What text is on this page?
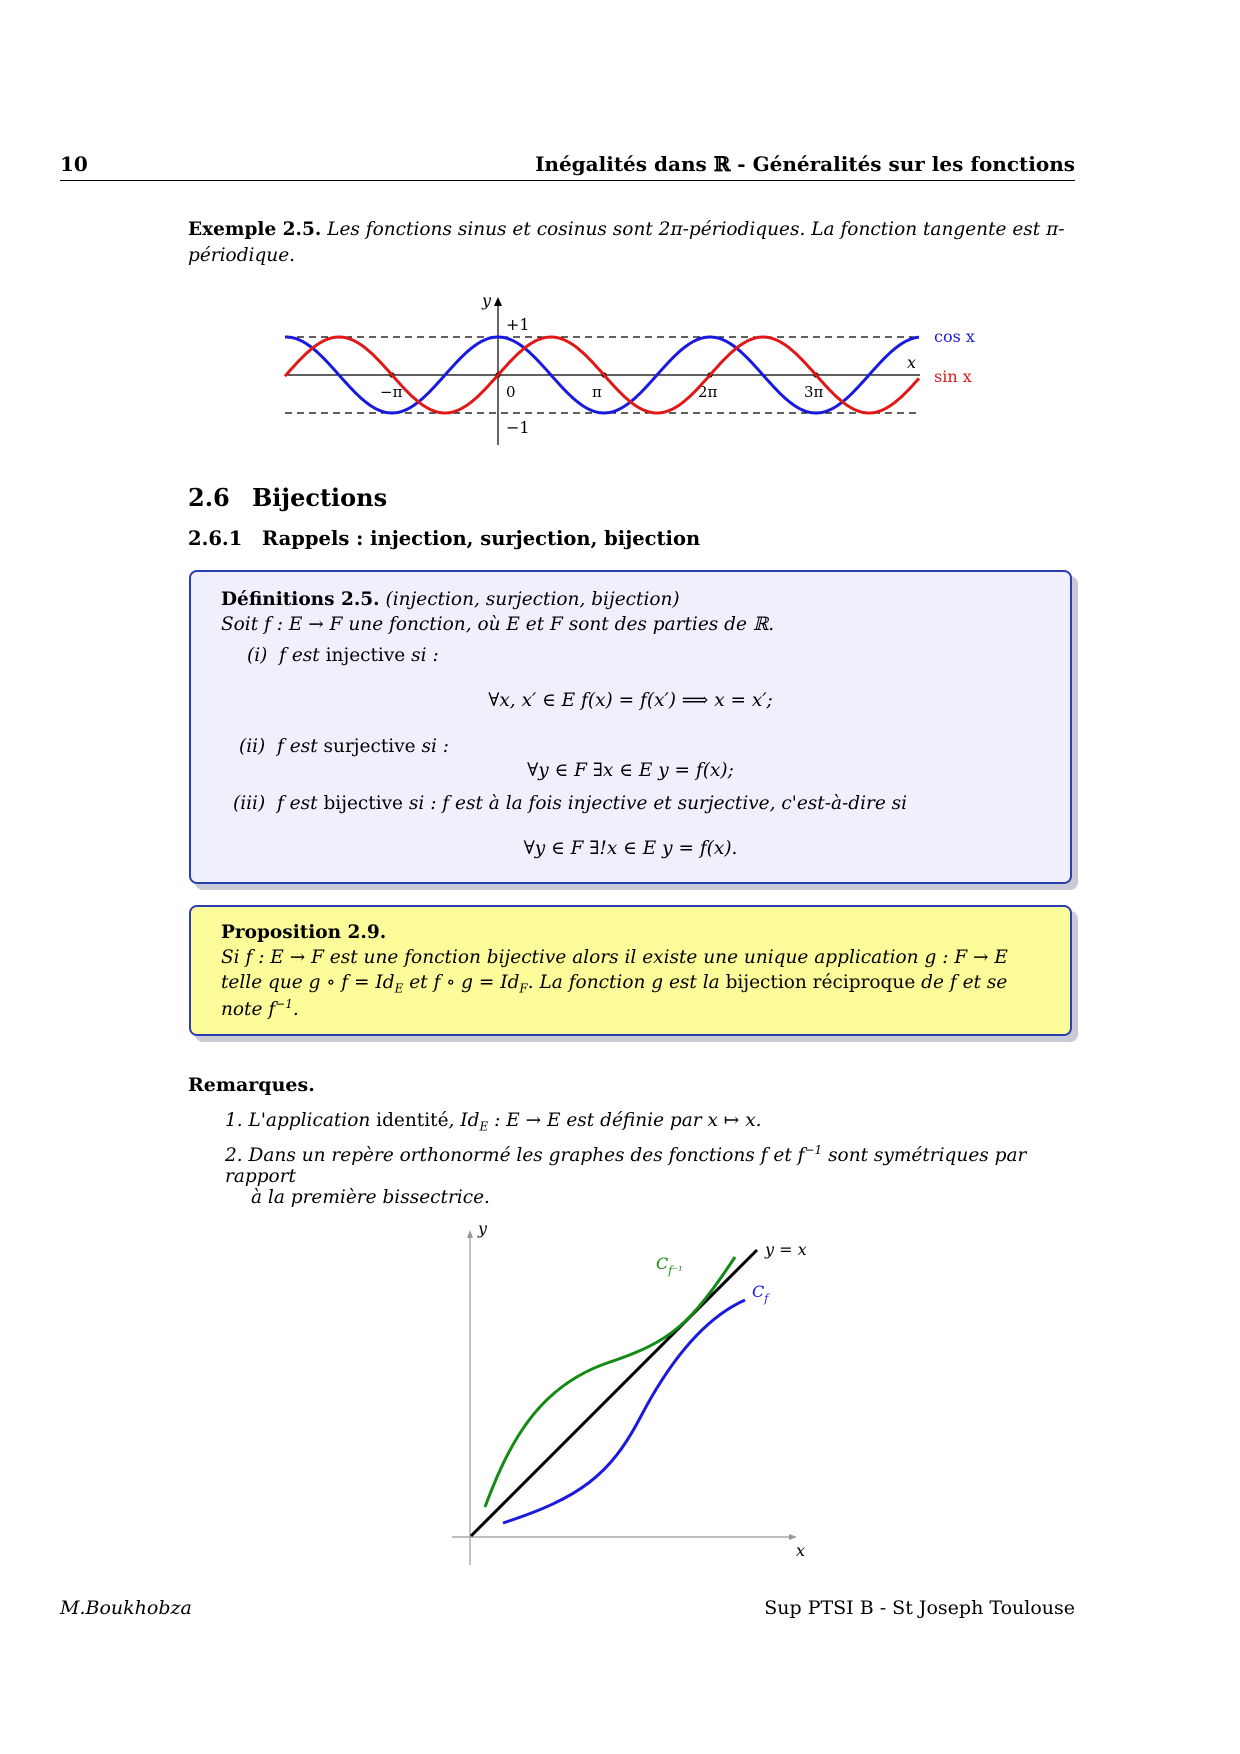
10	Inégalités dans ℝ - Généralités sur les fonctions
Exemple 2.5. Les fonctions sinus et cosinus sont 2π-périodiques. La fonction tangente est π-
périodique.
y
+1
−1
x
−π	0	π	2π	3π
cos x
sin x
2.6 Bijections
2.6.1 Rappels : injection, surjection, bijection
Définitions 2.5. (injection, surjection, bijection)
Soit f : E → F une fonction, où E et F sont des parties de ℝ.
(i) f est injective si :
∀x, x′ ∈ E f(x) = f(x′) ⟹ x = x′;
(ii) f est surjective si :
∀y ∈ F ∃x ∈ E y = f(x);
(iii) f est bijective si : f est à la fois injective et surjective, c'est-à-dire si
∀y ∈ F ∃!x ∈ E y = f(x).
Proposition 2.9.
Si f : E → F est une fonction bijective alors il existe une unique application g : F → E
telle que g ∘ $f = Id_E$ et f ∘ $g = Id_F$. La fonction g est la bijection réciproque de f et se
note $f^{-1}$.
Remarques.
1. L'application identité, $Id_E$ : E → E est définie par x ↦ x.
2. Dans un repère orthonormé les graphes des fonctions f et $f^{-1}$ sont symétriques par rapport
à la première bissectrice.
y
x
y = x
$C_{f^{-1}}$
$C_f$
M.Boukhobza	Sup PTSI B - St Joseph Toulouse
